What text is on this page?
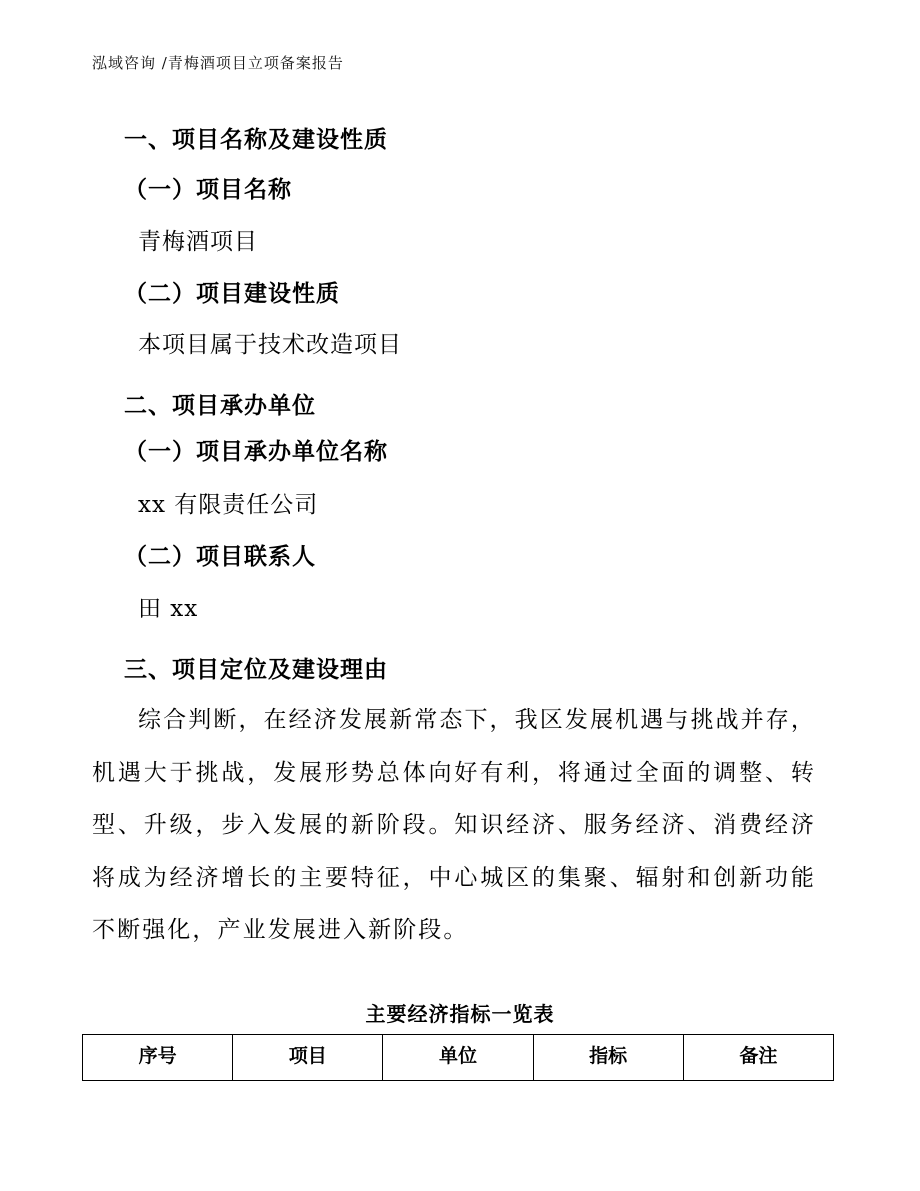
泓域咨询 /青梅酒项目立项备案报告
一、项目名称及建设性质
（一）项目名称
青梅酒项目
（二）项目建设性质
本项目属于技术改造项目
二、项目承办单位
（一）项目承办单位名称
xx 有限责任公司
（二）项目联系人
田 xx
三、项目定位及建设理由
综合判断，在经济发展新常态下，我区发展机遇与挑战并存，机遇大于挑战，发展形势总体向好有利，将通过全面的调整、转型、升级，步入发展的新阶段。知识经济、服务经济、消费经济将成为经济增长的主要特征，中心城区的集聚、辐射和创新功能不断强化，产业发展进入新阶段。
主要经济指标一览表
序号	项目	单位	指标	备注
